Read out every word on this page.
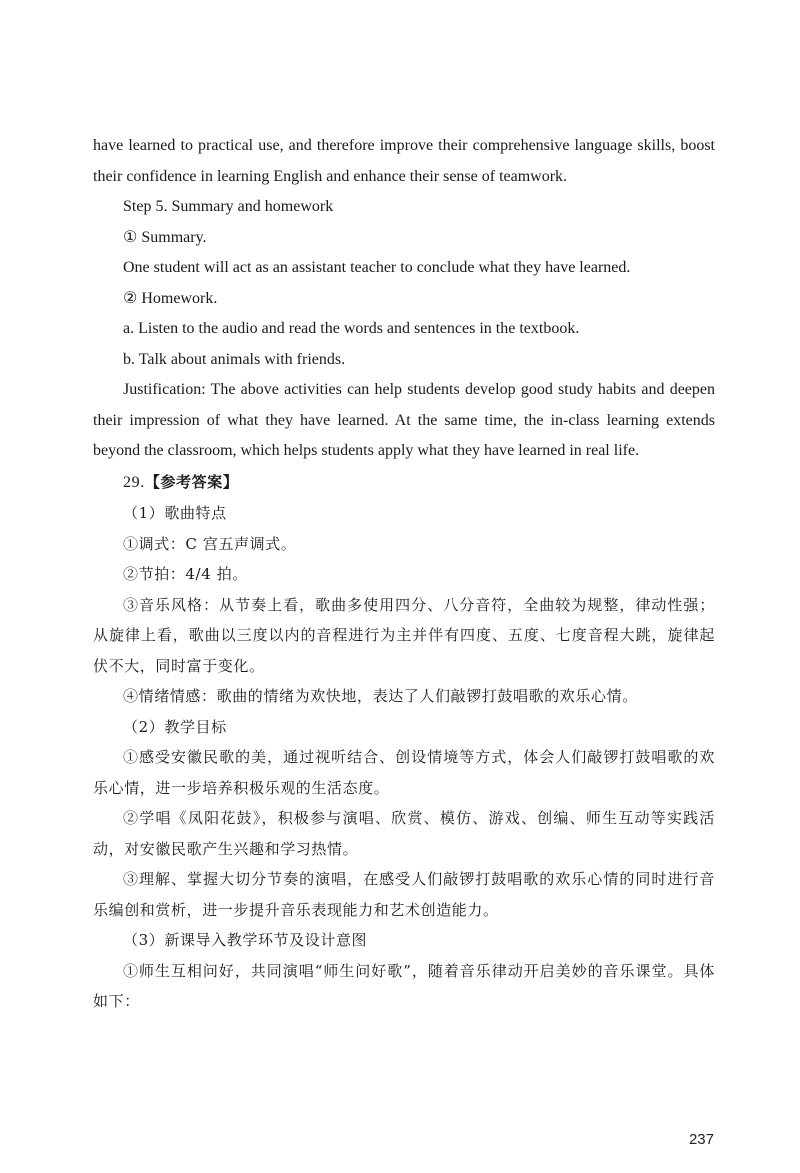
have learned to practical use, and therefore improve their comprehensive language skills, boost their confidence in learning English and enhance their sense of teamwork.

Step 5. Summary and homework

① Summary.

One student will act as an assistant teacher to conclude what they have learned.

② Homework.

a. Listen to the audio and read the words and sentences in the textbook.

b. Talk about animals with friends.

Justification: The above activities can help students develop good study habits and deepen their impression of what they have learned. At the same time, the in-class learning extends beyond the classroom, which helps students apply what they have learned in real life.

29.【参考答案】

（1）歌曲特点

①调式：C 宫五声调式。

②节拍：4/4 拍。

③音乐风格：从节奏上看，歌曲多使用四分、八分音符，全曲较为规整，律动性强；从旋律上看，歌曲以三度以内的音程进行为主并伴有四度、五度、七度音程大跳，旋律起伏不大，同时富于变化。

④情绪情感：歌曲的情绪为欢快地，表达了人们敲锣打鼓唱歌的欢乐心情。

（2）教学目标

①感受安徽民歌的美，通过视听结合、创设情境等方式，体会人们敲锣打鼓唱歌的欢乐心情，进一步培养积极乐观的生活态度。

②学唱《凤阳花鼓》，积极参与演唱、欣赏、模仿、游戏、创编、师生互动等实践活动，对安徽民歌产生兴趣和学习热情。

③理解、掌握大切分节奏的演唱，在感受人们敲锣打鼓唱歌的欢乐心情的同时进行音乐编创和赏析，进一步提升音乐表现能力和艺术创造能力。

（3）新课导入教学环节及设计意图

①师生互相问好，共同演唱“师生问好歌”，随着音乐律动开启美妙的音乐课堂。具体如下：

237
